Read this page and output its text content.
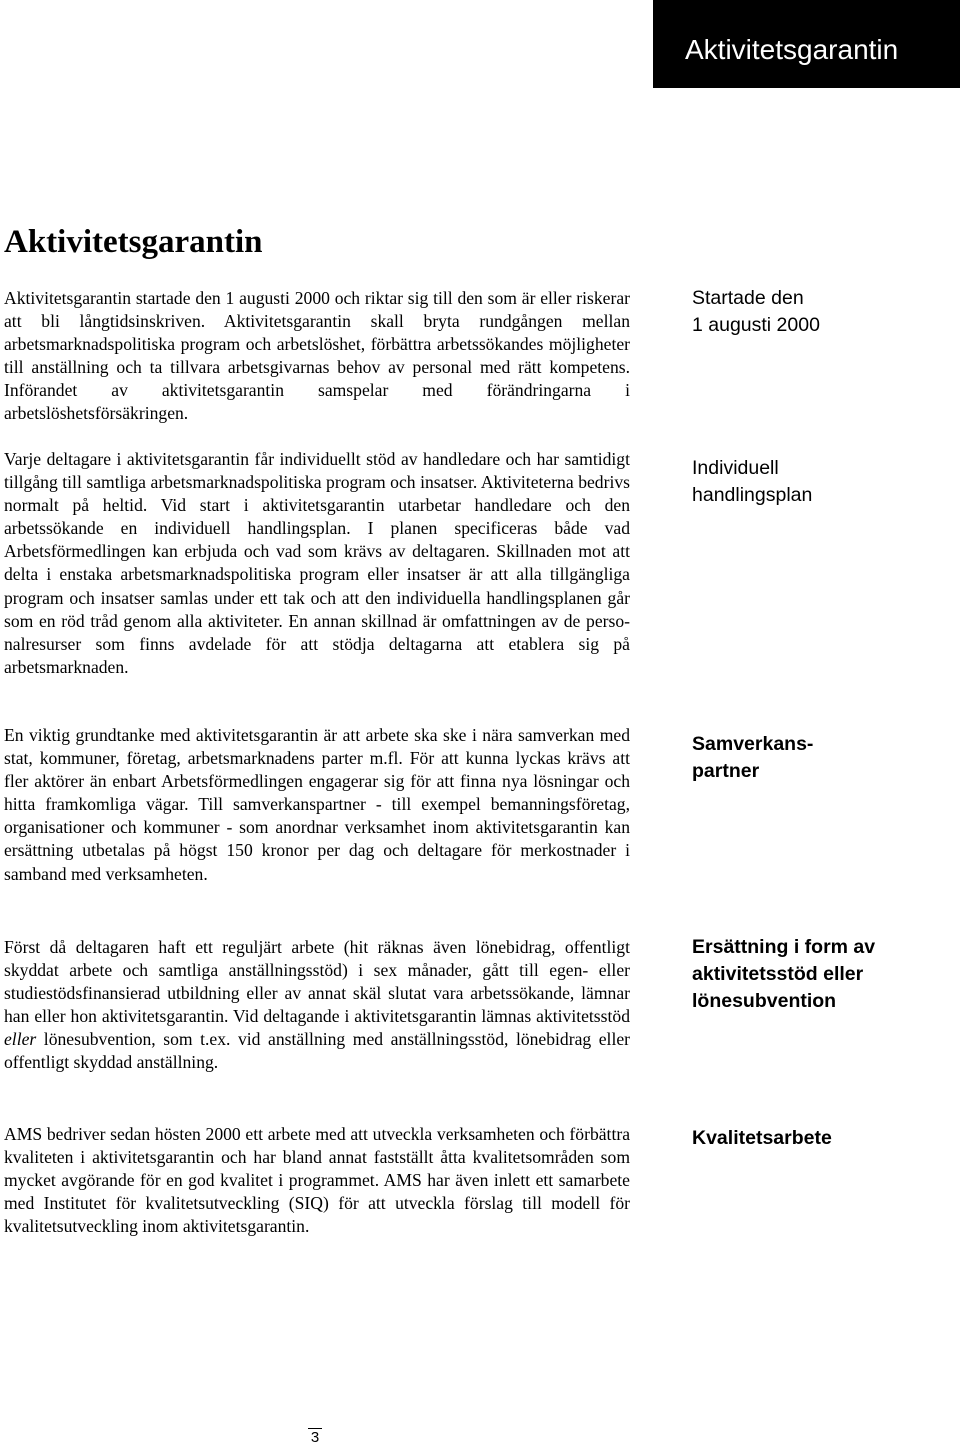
Aktivitetsgarantin
Aktivitetsgarantin

Aktivitetsgarantin startade den 1 augusti 2000 och riktar sig till den som är eller riskerar att bli långtidsinskriven. Aktivitetsgarantin skall bryta rundgången mellan arbetsmarknadspolitiska program och arbetslöshet, förbättra arbetssökandes möjligheter till anställning och ta tillvara arbetsgivarnas behov av personal med rätt kompetens. Införandet av aktivitetsgarantin samspelar med förändringarna i arbetslöshetsförsäkringen.

Varje deltagare i aktivitetsgarantin får individuellt stöd av handledare och har samtidigt tillgång till samtliga arbetsmarknadspolitiska program och insatser. Aktiviteterna bedrivs normalt på heltid. Vid start i aktivitetsgarantin utarbetar handledare och den arbetssökande en individuell handlingsplan. I planen specificeras både vad Arbetsförmedlingen kan erbjuda och vad som krävs av deltagaren. Skillnaden mot att delta i enstaka arbetsmarknadspolitiska program eller insatser är att alla tillgängliga program och insatser samlas under ett tak och att den individuella handlingsplanen går som en röd tråd genom alla aktiviteter. En annan skillnad är omfattningen av de personalresurser som finns avdelade för att stödja deltagarna att etablera sig på arbetsmarknaden.

En viktig grundtanke med aktivitetsgarantin är att arbete ska ske i nära samverkan med stat, kommuner, företag, arbetsmarknadens parter m.fl. För att kunna lyckas krävs att fler aktörer än enbart Arbetsförmedlingen engagerar sig för att finna nya lösningar och hitta framkomliga vägar. Till samverkanspartner - till exempel bemanningsföretag, organisationer och kommuner - som anordnar verksamhet inom aktivitetsgarantin kan ersättning utbetalas på högst 150 kronor per dag och deltagare för merkostnader i samband med verksamheten.

Först då deltagaren haft ett reguljärt arbete (hit räknas även lönebidrag, offentligt skyddat arbete och samtliga anställningsstöd) i sex månader, gått till egen- eller studiestödsfinansierad utbildning eller av annat skäl slutat vara arbetssökande, lämnar han eller hon aktivitetsgarantin. Vid deltagande i aktivitetsgarantin lämnas aktivitetsstöd eller lönesubvention, som t.ex. vid anställning med anställningsstöd, lönebidrag eller offentligt skyddad anställning.

AMS bedriver sedan hösten 2000 ett arbete med att utveckla verksamheten och förbättra kvaliteten i aktivitetsgarantin och har bland annat fastställt åtta kvalitetsområden som mycket avgörande för en god kvalitet i programmet. AMS har även inlett ett samarbete med Institutet för kvalitetsutveckling (SIQ) för att utveckla förslag till modell för kvalitetsutveckling inom aktivitetsgarantin.

Startade den
1 augusti 2000

Individuell
handlingsplan

Samverkans-
partner

Ersättning i form av
aktivitetsstöd eller
lönesubvention

Kvalitetsarbete

3
